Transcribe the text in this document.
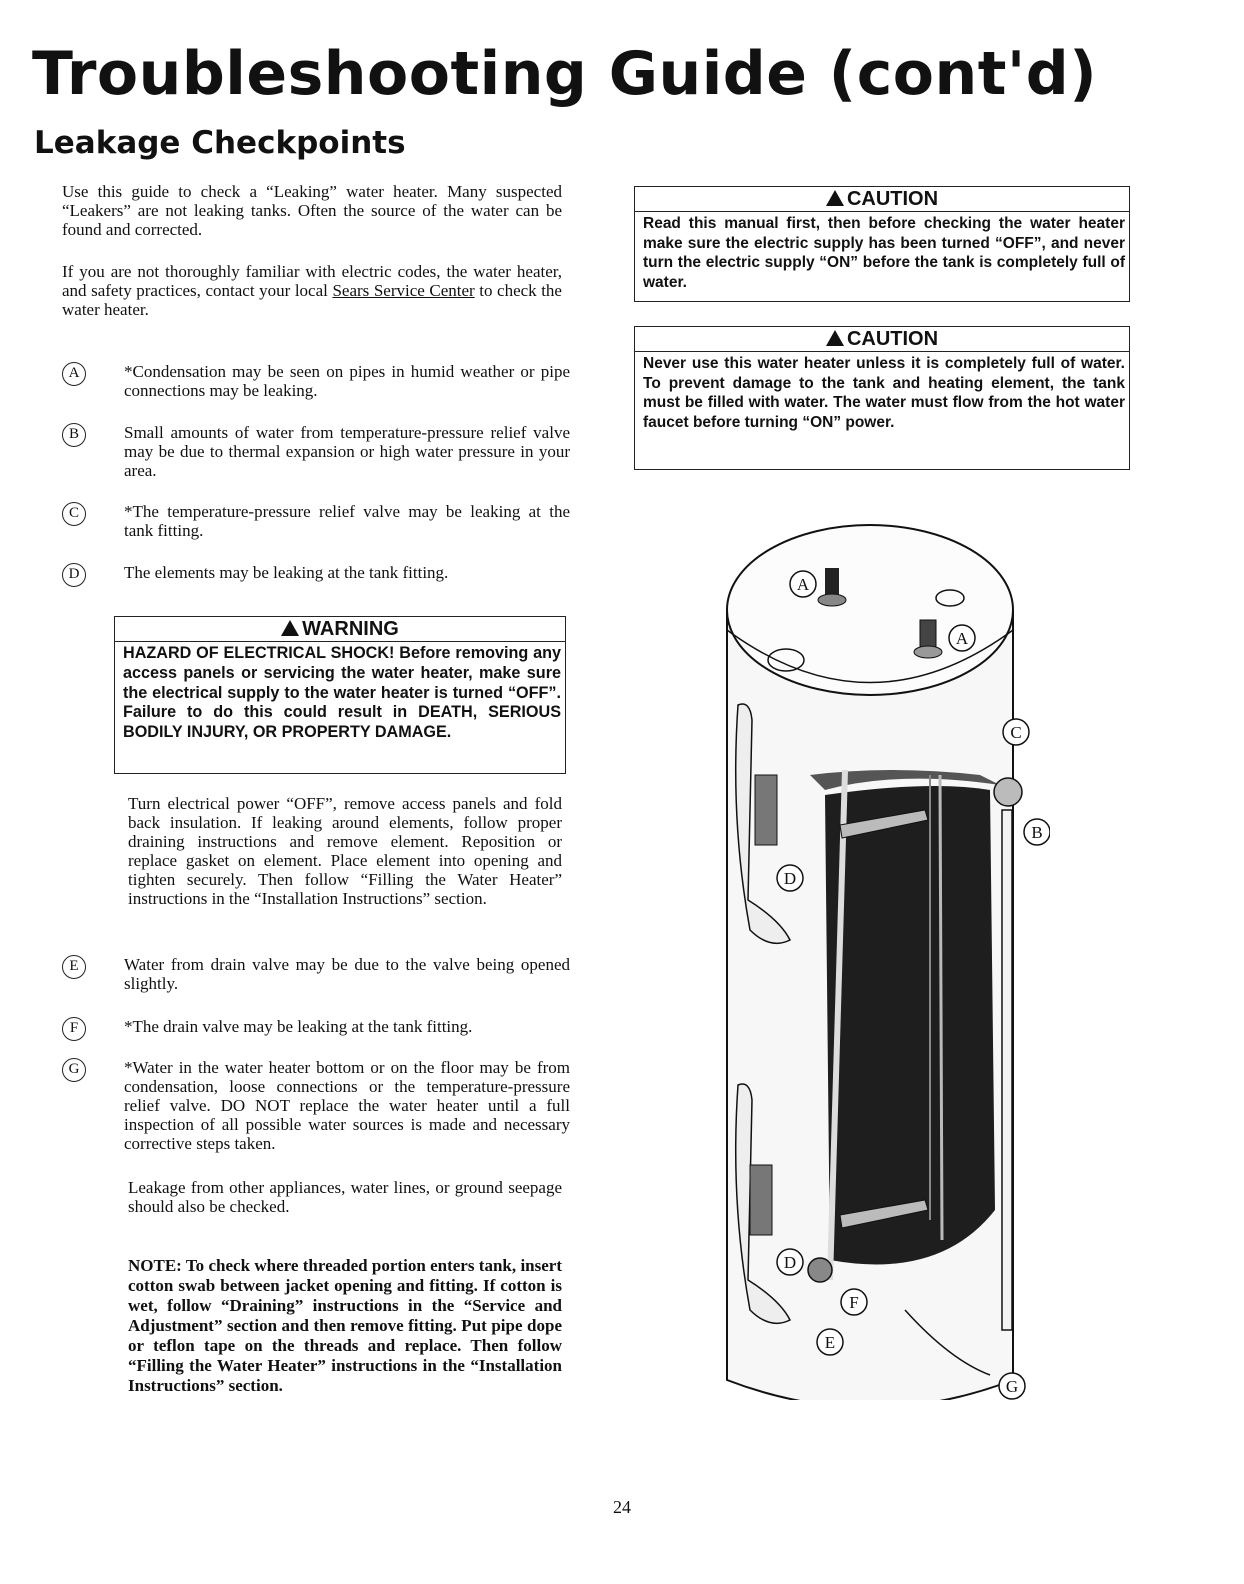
Troubleshooting Guide (cont'd)
Leakage Checkpoints

Use this guide to check a “Leaking” water heater. Many suspected “Leakers” are not leaking tanks. Often the source of the water can be found and corrected.

If you are not thoroughly familiar with electric codes, the water heater, and safety practices, contact your local Sears Service Center to check the water heater.

A	*Condensation may be seen on pipes in humid weather or pipe connections may be leaking.

B	Small amounts of water from temperature-pressure relief valve may be due to thermal expansion or high water pressure in your area.

C	*The temperature-pressure relief valve may be leaking at the tank fitting.

D	The elements may be leaking at the tank fitting.

WARNING
HAZARD OF ELECTRICAL SHOCK! Before removing any access panels or servicing the water heater, make sure the electrical supply to the water heater is turned “OFF”. Failure to do this could result in DEATH, SERIOUS BODILY INJURY, OR PROPERTY DAMAGE.

Turn electrical power “OFF”, remove access panels and fold back insulation. If leaking around elements, follow proper draining instructions and remove element. Reposition or replace gasket on element. Place element into opening and tighten securely. Then follow “Filling the Water Heater” instructions in the “Installation Instructions” section.

E	Water from drain valve may be due to the valve being opened slightly.

F	*The drain valve may be leaking at the tank fitting.

G	*Water in the water heater bottom or on the floor may be from condensation, loose connections or the temperature-pressure relief valve. DO NOT replace the water heater until a full inspection of all possible water sources is made and necessary corrective steps taken.

Leakage from other appliances, water lines, or ground seepage should also be checked.

NOTE: To check where threaded portion enters tank, insert cotton swab between jacket opening and fitting. If cotton is wet, follow “Draining” instructions in the “Service and Adjustment” section and then remove fitting. Put pipe dope or teflon tape on the threads and replace. Then follow “Filling the Water Heater” instructions in the “Installation Instructions” section.

CAUTION
Read this manual first, then before checking the water heater make sure the electric supply has been turned “OFF”, and never turn the electric supply “ON” before the tank is completely full of water.
CAUTION
Never use this water heater unless it is completely full of water. To prevent damage to the tank and heating element, the tank must be filled with water. The water must flow from the hot water faucet before turning “ON” power.
A
A
C
B
D
D
F
E
G
24
